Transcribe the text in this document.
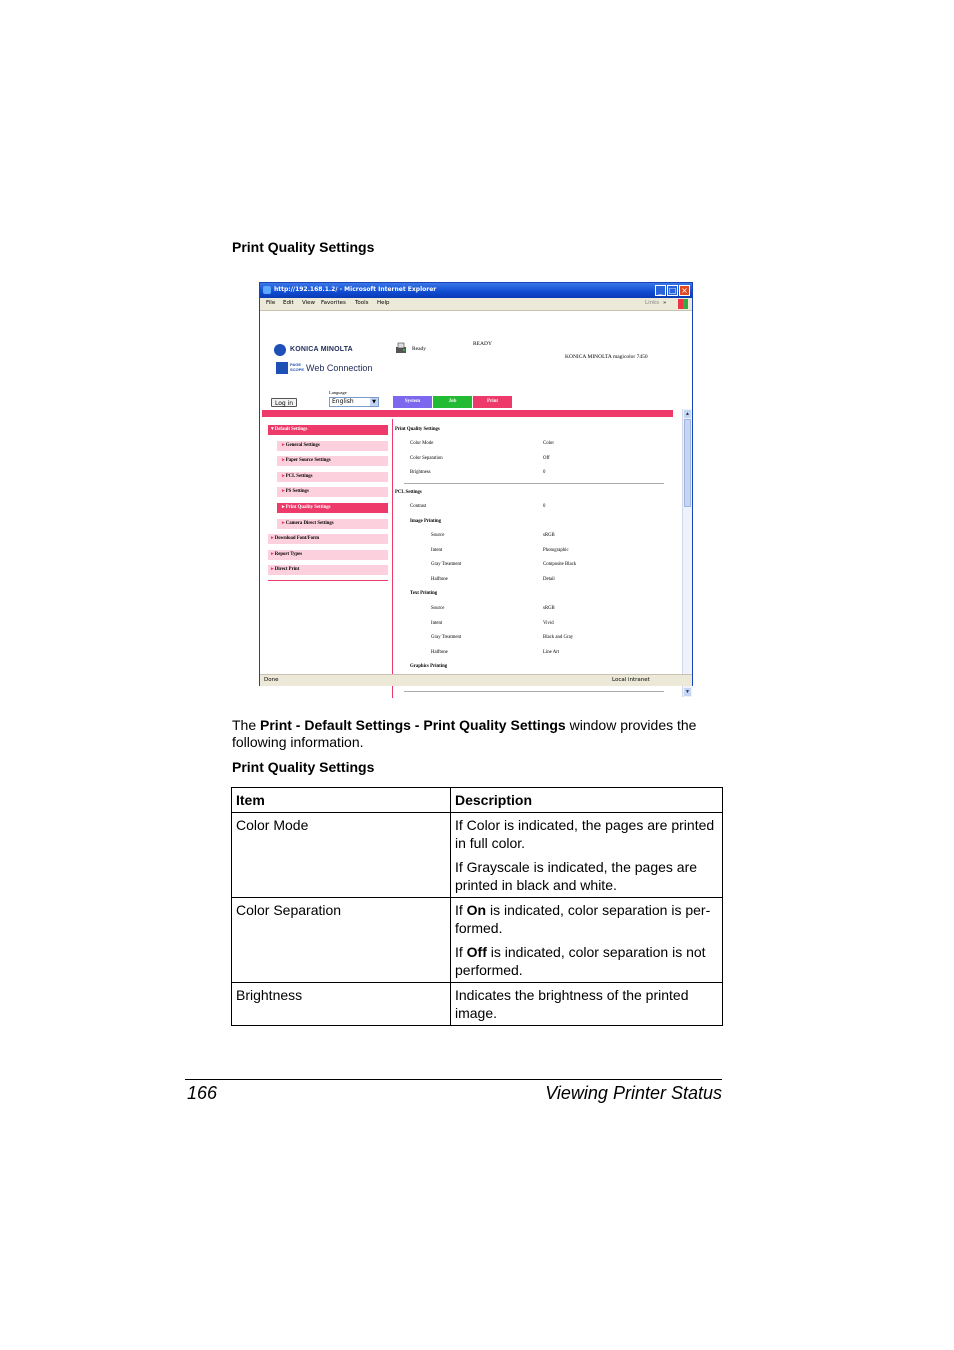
Print Quality Settings
http://192.168.1.2/ - Microsoft Internet Explorer	_ □ ×
File Edit View Favorites Tools Help	Links »
KONICA MINOLTA
PAGE SCOPE Web Connection
Ready
READY
KONICA MINOLTA magicolor 7450
Log in
Language
English	▼	System	Job	Print
▼Default Settings
►General Settings
►Paper Source Settings
►PCL Settings
►PS Settings
►Print Quality Settings
►Camera Direct Settings
►Download Font/Form
►Report Types
►Direct Print
Print Quality Settings
Color Mode	Color
Color Separation	Off
Brightness	0
PCL Settings
Contrast	0
Image Printing
Source	sRGB
Intent	Photographic
Gray Treatment	Composite Black
Halftone	Detail
Text Printing
Source	sRGB
Intent	Vivid
Gray Treatment	Black and Gray
Halftone	Line Art
Graphics Printing
▲
▼
Done	Local intranet
The Print - Default Settings - Print Quality Settings window provides the following information.
Print Quality Settings
Item	Description
Color Mode	If Color is indicated, the pages are printed in full color.

If Grayscale is indicated, the pages are printed in black and white.

Color Separation	If On is indicated, color separation is per-formed.

If Off is indicated, color separation is not performed.

Brightness	Indicates the brightness of the printed image.
166	Viewing Printer Status
